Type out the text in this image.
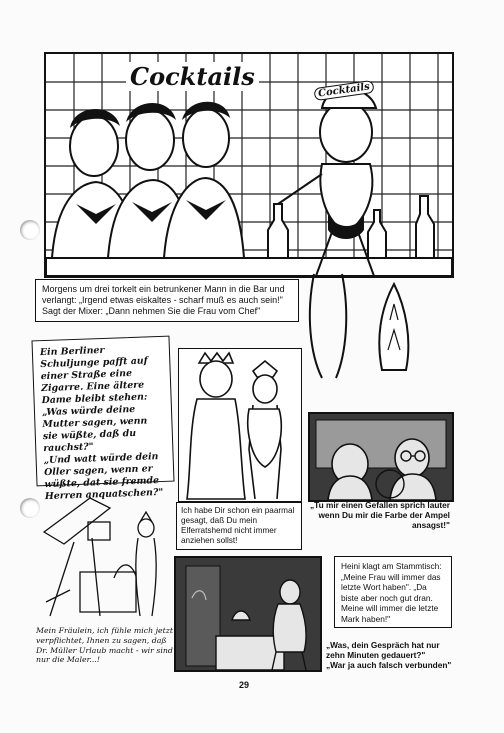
Cocktails	Cocktails
Morgens um drei torkelt ein betrunkener Mann in die Bar und verlangt: „Irgend etwas eiskaltes - scharf muß es auch sein!"
Sagt der Mixer: „Dann nehmen Sie die Frau vom Chef"
Ein Berliner Schuljunge pafft auf einer Straße eine Zigarre. Eine ältere Dame bleibt stehen: „Was würde deine Mutter sagen, wenn sie wüßte, daß du rauchst?"
„Und watt würde dein Oller sagen, wenn er wüßte, dat sie fremde Herren anquatschen?"
Ich habe Dir schon ein paarmal gesagt, daß Du mein Elferratshemd nicht immer anziehen sollst!
„Tu mir einen Gefallen sprich lauter wenn Du mir die Farbe der Ampel ansagst!"
Mein Fräulein, ich fühle mich jetzt verpflichtet, Ihnen zu sagen, daß Dr. Müller Urlaub macht - wir sind nur die Maler...!
Heini klagt am Stammtisch: „Meine Frau will immer das letzte Wort haben". „Da biste aber noch gut dran. Meine will immer die letzte Mark haben!"
„Was, dein Gespräch hat nur zehn Minuten gedauert?"
„War ja auch falsch verbunden"
29
